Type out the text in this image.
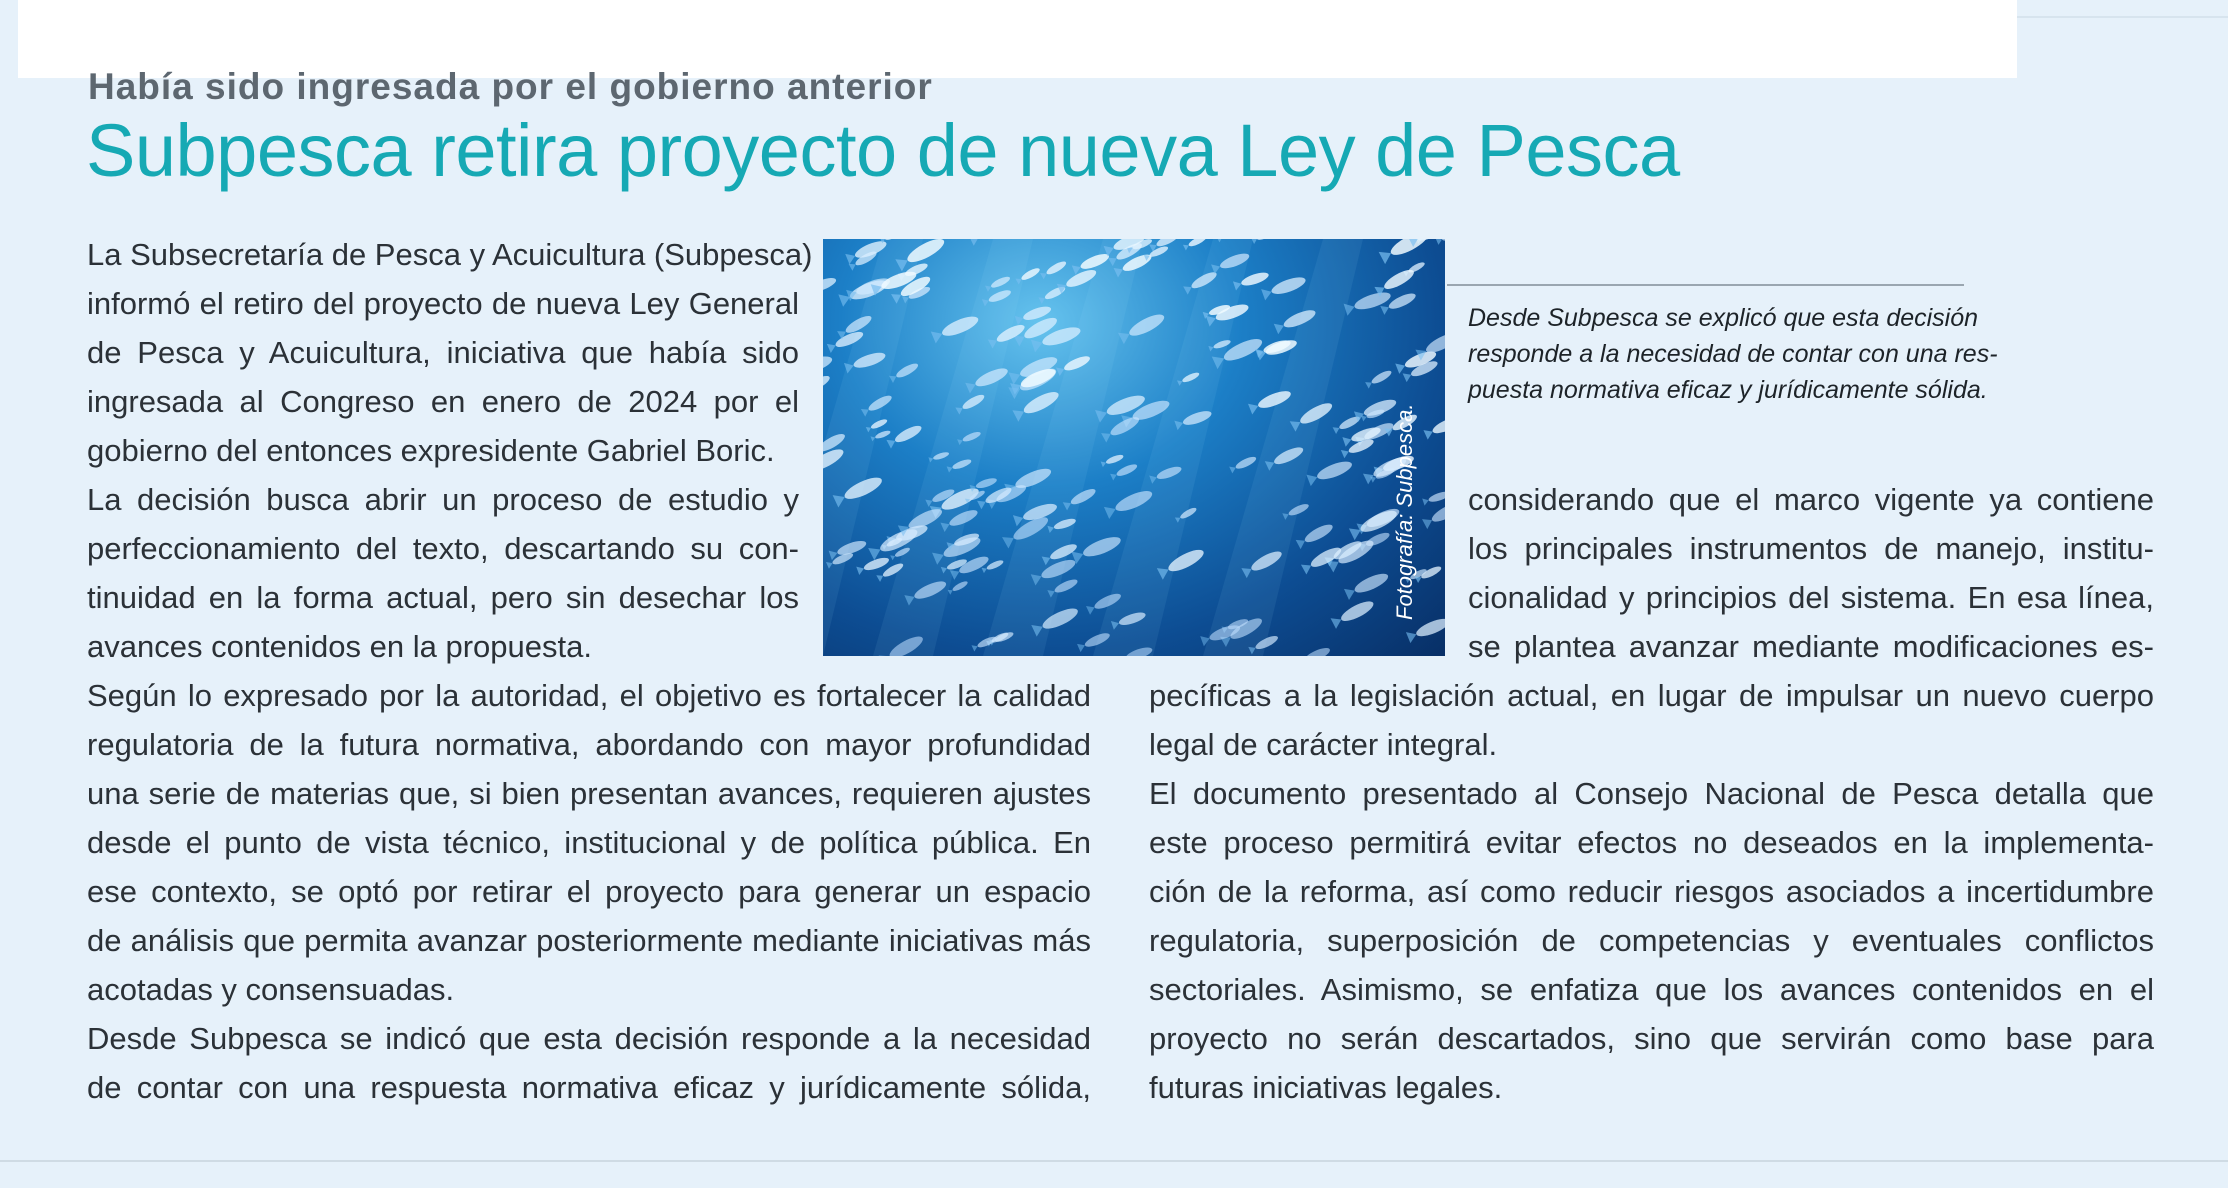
Había sido ingresada por el gobierno anterior
Subpesca retira proyecto de nueva Ley de Pesca

La Subsecretaría de Pesca y Acuicultura (Subpesca)
informó el retiro del proyecto de nueva Ley General
de Pesca y Acuicultura, iniciativa que había sido
ingresada al Congreso en enero de 2024 por el
gobierno del entonces expresidente Gabriel Boric.
La decisión busca abrir un proceso de estudio y
perfeccionamiento del texto, descartando su con-
tinuidad en la forma actual, pero sin desechar los
avances contenidos en la propuesta.

Según lo expresado por la autoridad, el objetivo es fortalecer la calidad
regulatoria de la futura normativa, abordando con mayor profundidad
una serie de materias que, si bien presentan avances, requieren ajustes
desde el punto de vista técnico, institucional y de política pública. En
ese contexto, se optó por retirar el proyecto para generar un espacio
de análisis que permita avanzar posteriormente mediante iniciativas más
acotadas y consensuadas.
Desde Subpesca se indicó que esta decisión responde a la necesidad
de contar con una respuesta normativa eficaz y jurídicamente sólida,

Fotografía: Subpesca.

Desde Subpesca se explicó que esta decisión
responde a la necesidad de contar con una res-
puesta normativa eficaz y jurídicamente sólida.

considerando que el marco vigente ya contiene
los principales instrumentos de manejo, institu-
cionalidad y principios del sistema. En esa línea,
se plantea avanzar mediante modificaciones es-

pecíficas a la legislación actual, en lugar de impulsar un nuevo cuerpo
legal de carácter integral.
El documento presentado al Consejo Nacional de Pesca detalla que
este proceso permitirá evitar efectos no deseados en la implementa-
ción de la reforma, así como reducir riesgos asociados a incertidumbre
regulatoria, superposición de competencias y eventuales conflictos
sectoriales. Asimismo, se enfatiza que los avances contenidos en el
proyecto no serán descartados, sino que servirán como base para
futuras iniciativas legales.
